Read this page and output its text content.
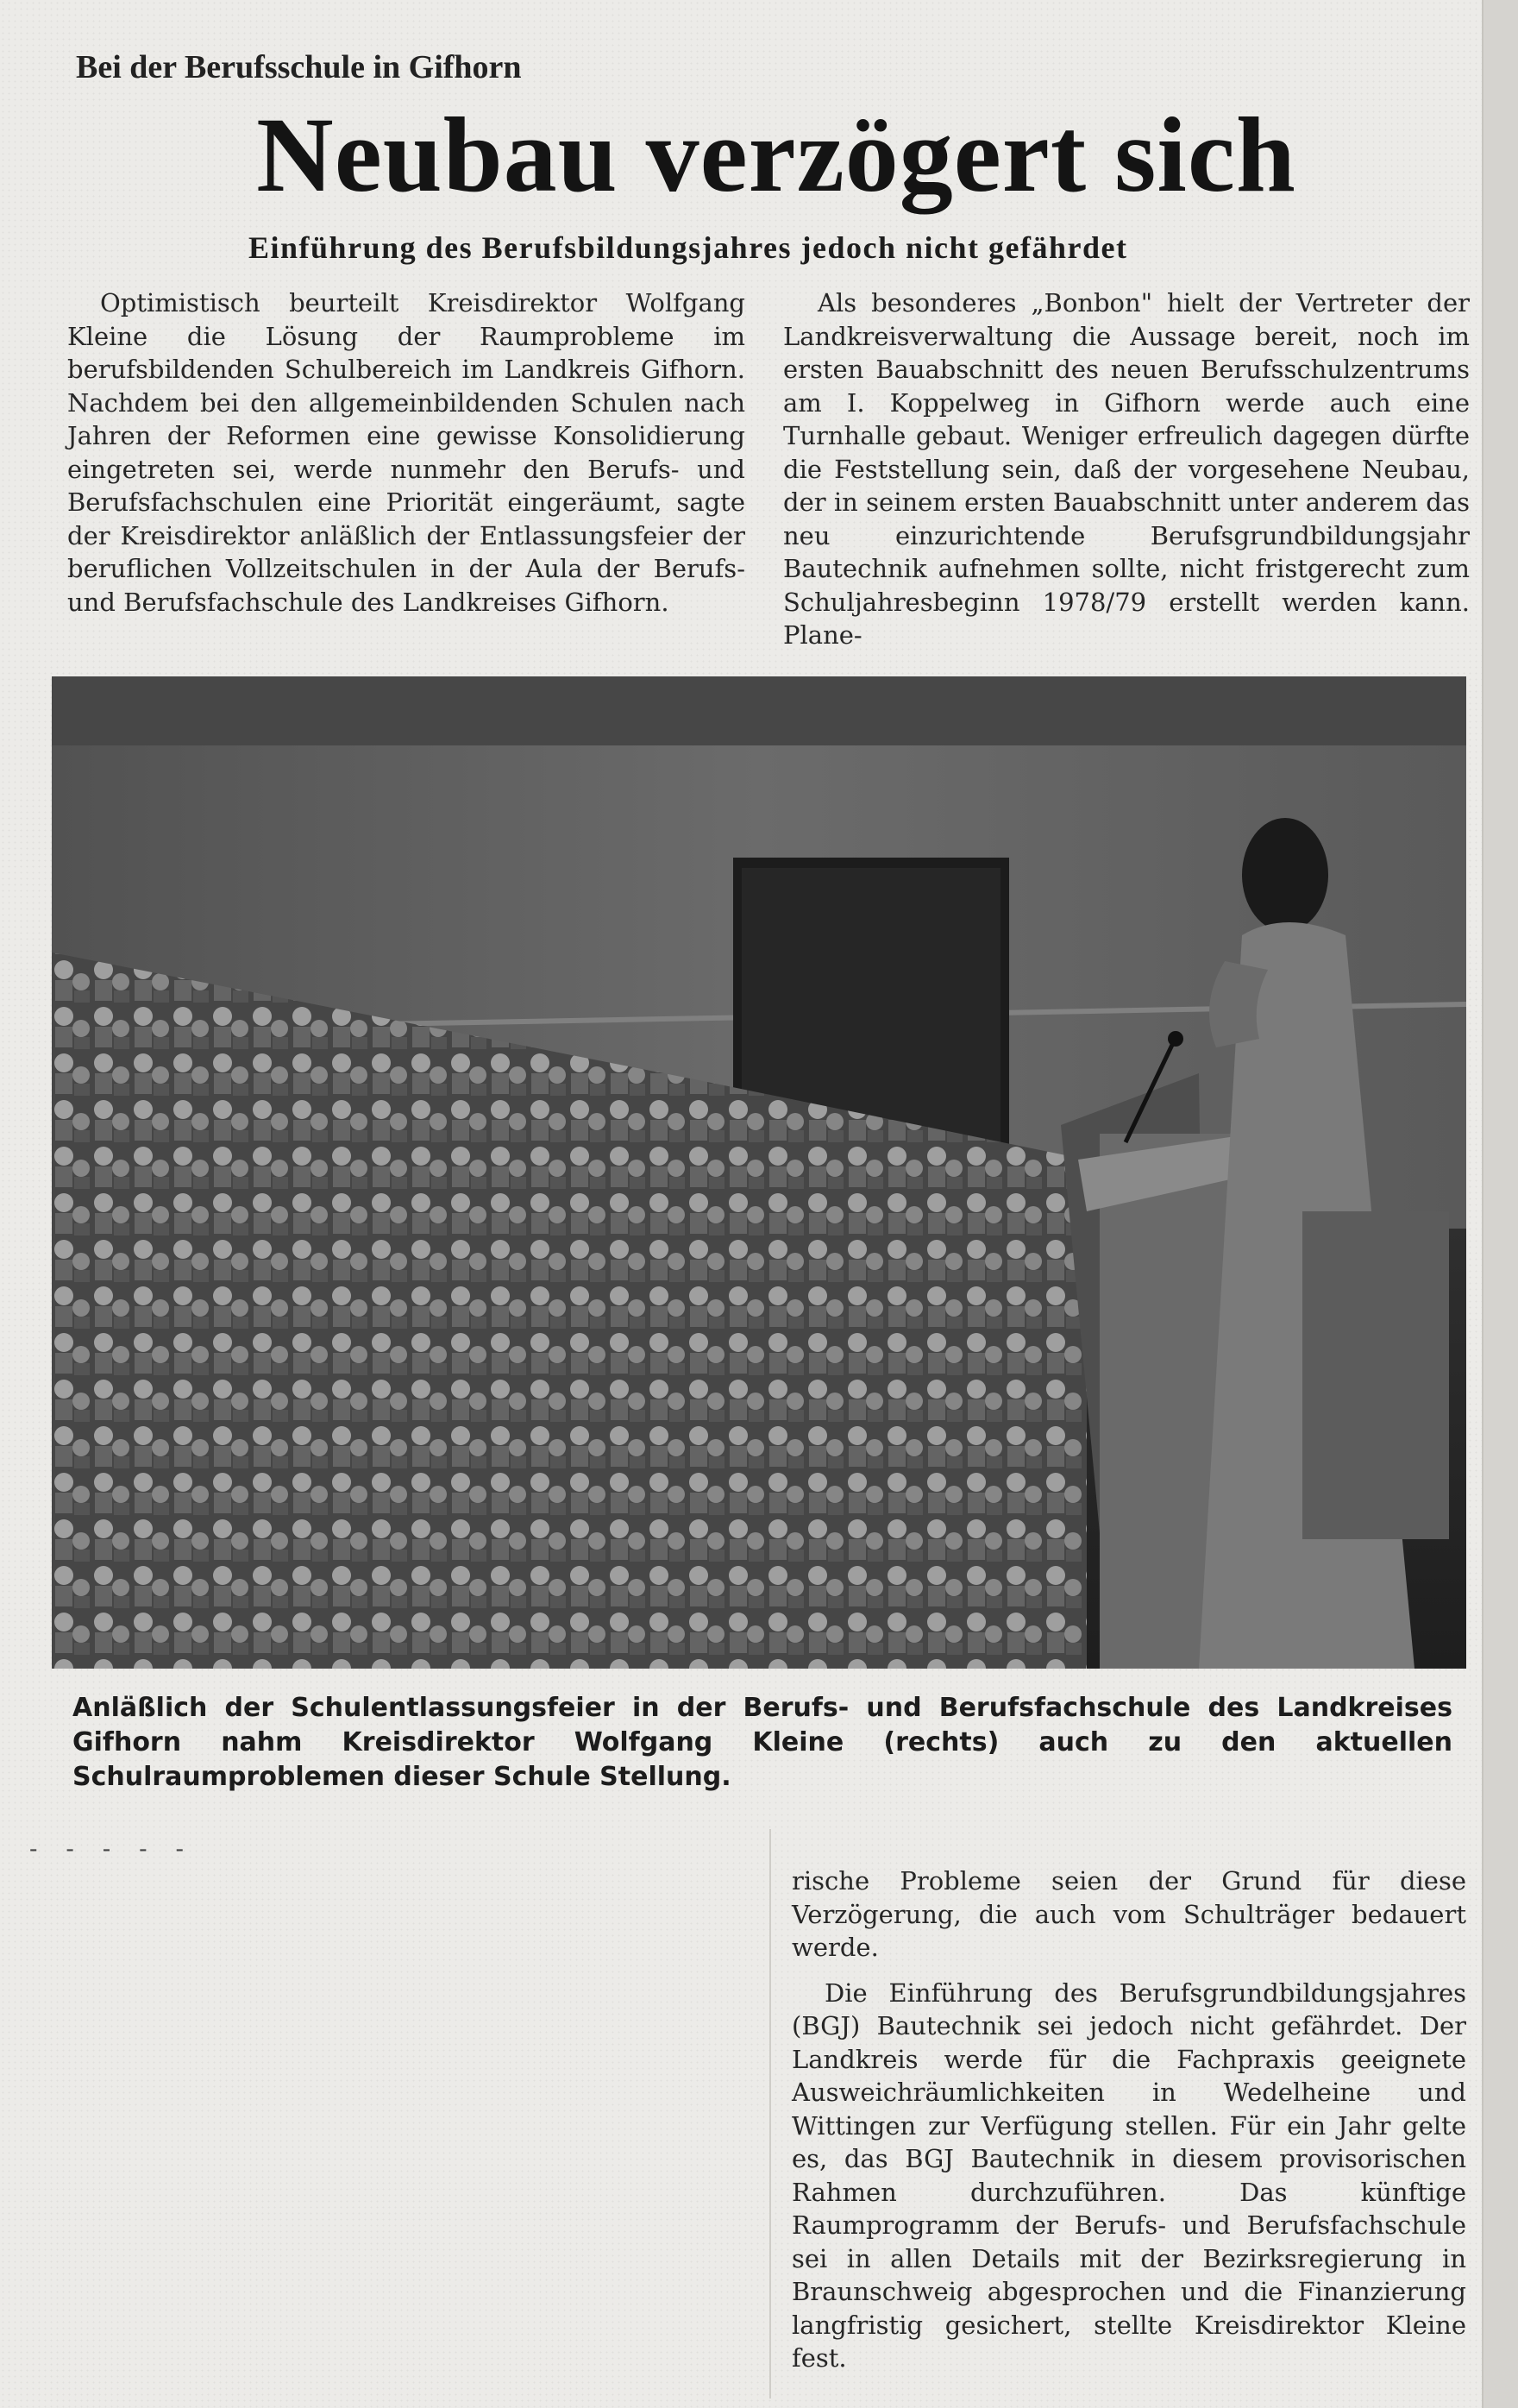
Bei der Berufsschule in Gifhorn
Neubau verzögert sich
Einführung des Berufsbildungsjahres jedoch nicht gefährdet

Optimistisch beurteilt Kreisdirektor Wolfgang Kleine die Lösung der Raumprobleme im berufsbildenden Schulbereich im Landkreis Gifhorn. Nachdem bei den allgemeinbildenden Schulen nach Jahren der Reformen eine gewisse Konsolidierung eingetreten sei, werde nunmehr den Berufs- und Berufsfachschulen eine Priorität eingeräumt, sagte der Kreisdirektor anläßlich der Entlassungsfeier der beruflichen Vollzeitschulen in der Aula der Berufs- und Berufsfachschule des Landkreises Gifhorn.

Als besonderes „Bonbon" hielt der Vertreter der Landkreisverwaltung die Aussage bereit, noch im ersten Bauabschnitt des neuen Berufsschulzentrums am I. Koppelweg in Gifhorn werde auch eine Turnhalle gebaut. Weniger erfreulich dagegen dürfte die Feststellung sein, daß der vorgesehene Neubau, der in seinem ersten Bauabschnitt unter anderem das neu einzurichtende Berufsgrundbildungsjahr Bautechnik aufnehmen sollte, nicht fristgerecht zum Schuljahresbeginn 1978/79 erstellt werden kann. Plane-

Anläßlich der Schulentlassungsfeier in der Berufs- und Berufsfachschule des Landkreises Gifhorn nahm Kreisdirektor Wolfgang Kleine (rechts) auch zu den aktuellen Schulraumproblemen dieser Schule Stellung.

- - - - -

rische Probleme seien der Grund für diese Verzögerung, die auch vom Schulträger bedauert werde.

Die Einführung des Berufsgrundbildungsjahres (BGJ) Bautechnik sei jedoch nicht gefährdet. Der Landkreis werde für die Fachpraxis geeignete Ausweichräumlichkeiten in Wedelheine und Wittingen zur Verfügung stellen. Für ein Jahr gelte es, das BGJ Bautechnik in diesem provisorischen Rahmen durchzuführen. Das künftige Raumprogramm der Berufs- und Berufsfachschule sei in allen Details mit der Bezirksregierung in Braunschweig abgesprochen und die Finanzierung langfristig gesichert, stellte Kreisdirektor Kleine fest.
